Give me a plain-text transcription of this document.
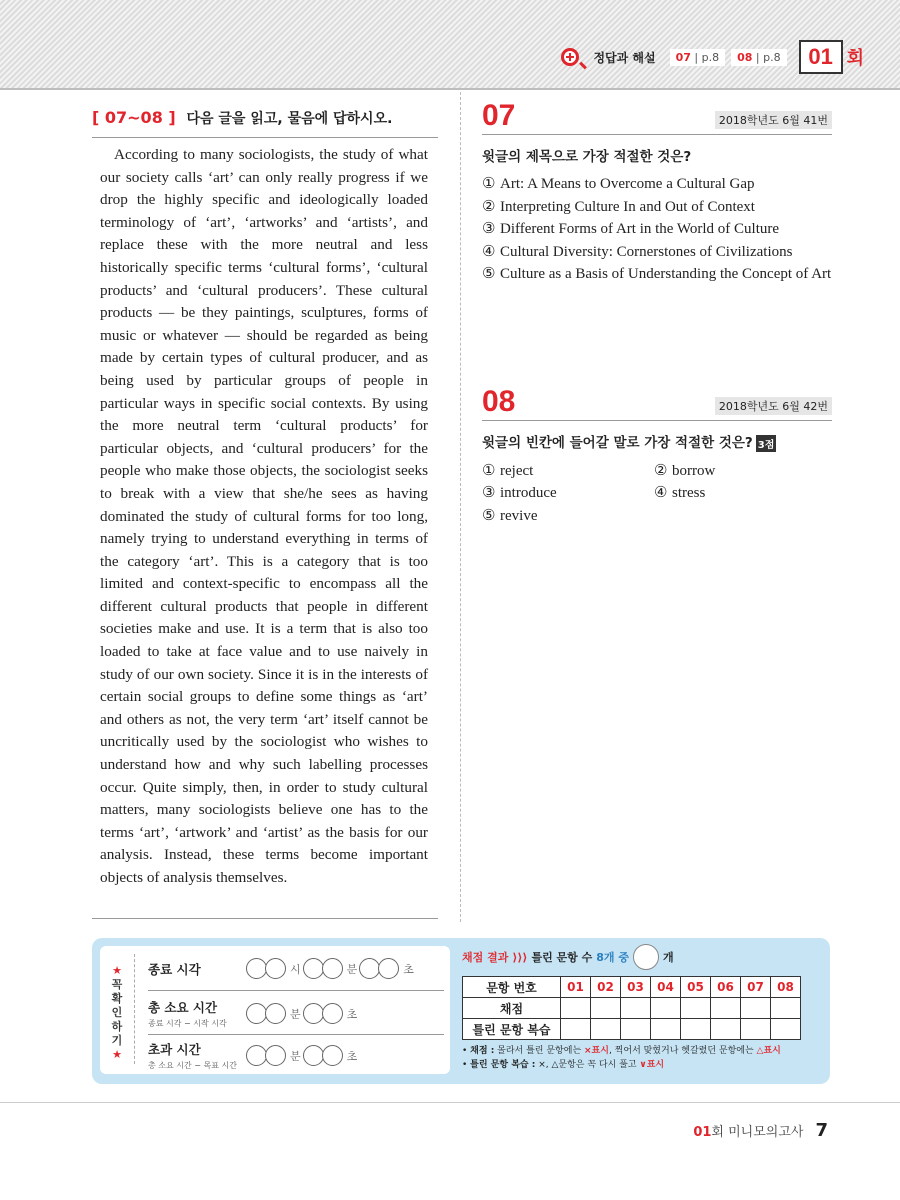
정답과 해설	07 | p.8	08 | p.8	01 회
[ 07~08 ] 다음 글을 읽고, 물음에 답하시오.

According to many sociologists, the study of what our society calls ‘art’ can only really progress if we drop the highly specific and ideologically loaded terminology of ‘art’, ‘artworks’ and ‘artists’, and replace these with the more neutral and less historically specific terms ‘cultural forms’, ‘cultural products’ and ‘cultural producers’. These cultural products — be they paintings, sculptures, forms of music or whatever — should be regarded as being made by certain types of cultural producer, and as being used by particular groups of people in particular ways in specific social contexts. By using the more neutral term ‘cultural products’ for particular objects, and ‘cultural producers’ for the people who make those objects, the sociologist seeks to break with a view that she/he sees as having dominated the study of cultural forms for too long, namely trying to understand everything in terms of the category ‘art’. This is a category that is too limited and context-specific to encompass all the different cultural products that people in different societies make and use. It is a term that is also too loaded to take at face value and to use naively in study of our own society. Since it is in the interests of certain social groups to define some things as ‘art’ and others as not, the very term ‘art’ itself cannot be uncritically used by the sociologist who wishes to understand how and why such labelling processes occur. Quite simply, then, in order to study cultural matters, many sociologists believe one has to the terms ‘art’, ‘artwork’ and ‘artist’ as the basis for our analysis. Instead, these terms become important objects of analysis themselves.

07	2018학년도 6월 41번
윗글의 제목으로 가장 적절한 것은?
① Art: A Means to Overcome a Cultural Gap
② Interpreting Culture In and Out of Context
③ Different Forms of Art in the World of Culture
④ Cultural Diversity: Cornerstones of Civilizations
⑤ Culture as a Basis of Understanding the Concept of Art
08	2018학년도 6월 42번
윗글의 빈칸에 들어갈 말로 가장 적절한 것은? 3점
① reject	② borrow
③ introduce	④ stress
⑤ revive
★
꼭
확
인
하
기
★
종료 시각	시	분	초
총 소요 시간
종료 시각 − 시작 시각
분	초
초과 시간
총 소요 시간 − 목표 시간
분	초
채점 결과 ⟩⟩⟩ 틀린 문항 수 8개 중	개
문항 번호	01	02	03	04	05	06	07	08
채점								
틀린 문항 복습								
• 채점 : 몰라서 틀린 문항에는 ×표시, 찍어서 맞혔거나 헷갈렸던 문항에는 △표시
• 틀린 문항 복습 : ×, △문항은 꼭 다시 풀고 ∨표시
01회 미니모의고사 7
